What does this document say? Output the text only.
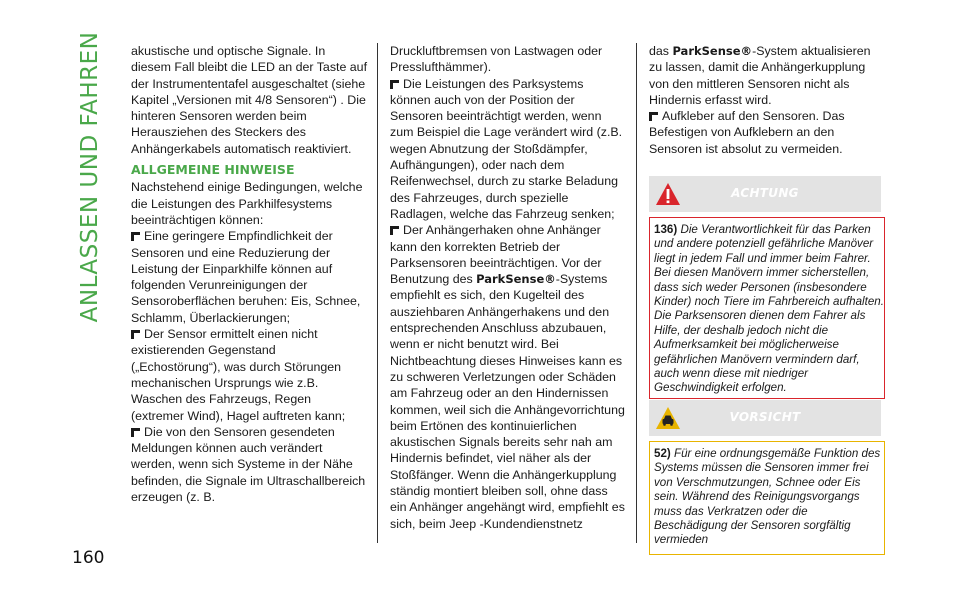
ANLASSEN UND FAHREN
160

akustische und optische Signale. In diesem Fall bleibt die LED an der Taste auf der Instrumententafel ausgeschaltet (siehe Kapitel „Versionen mit 4/8 Sensoren“) . Die hinteren Sensoren werden beim Herausziehen des Steckers des Anhängerkabels automatisch reaktiviert.

ALLGEMEINE HINWEISE

Nachstehend einige Bedingungen, welche die Leistungen des Parkhilfesystems beeinträchtigen können:

Eine geringere Empfindlichkeit der Sensoren und eine Reduzierung der Leistung der Einparkhilfe können auf folgenden Verunreinigungen der Sensoroberflächen beruhen: Eis, Schnee, Schlamm, Überlackierungen;

Der Sensor ermittelt einen nicht existierenden Gegenstand („Echostörung“), was durch Störungen mechanischen Ursprungs wie z.B. Waschen des Fahrzeugs, Regen (extremer Wind), Hagel auftreten kann;

Die von den Sensoren gesendeten Meldungen können auch verändert werden, wenn sich Systeme in der Nähe befinden, die Signale im Ultraschallbereich erzeugen (z. B.

Druckluftbremsen von Lastwagen oder Presslufthämmer).

Die Leistungen des Parksystems können auch von der Position der Sensoren beeinträchtigt werden, wenn zum Beispiel die Lage verändert wird (z.B. wegen Abnutzung der Stoßdämpfer, Aufhängungen), oder nach dem Reifenwechsel, durch zu starke Beladung des Fahrzeuges, durch spezielle Radlagen, welche das Fahrzeug senken;

Der Anhängerhaken ohne Anhänger kann den korrekten Betrieb der Parksensoren beeinträchtigen. Vor der Benutzung des ParkSense®-Systems empfiehlt es sich, den Kugelteil des ausziehbaren Anhängerhakens und den entsprechenden Anschluss abzubauen, wenn er nicht benutzt wird. Bei Nichtbeachtung dieses Hinweises kann es zu schweren Verletzungen oder Schäden am Fahrzeug oder an den Hindernissen kommen, weil sich die Anhängevorrichtung beim Ertönen des kontinuierlichen akustischen Signals bereits sehr nah am Hindernis befindet, viel näher als der Stoßfänger. Wenn die Anhängerkupplung ständig montiert bleiben soll, ohne dass ein Anhänger angehängt wird, empfiehlt es sich, beim Jeep -Kundendienstnetz

das ParkSense®-System aktualisieren zu lassen, damit die Anhängerkupplung von den mittleren Sensoren nicht als Hindernis erfasst wird.

Aufkleber auf den Sensoren. Das Befestigen von Aufklebern an den Sensoren ist absolut zu vermeiden.

ACHTUNG
136) Die Verantwortlichkeit für das Parken und andere potenziell gefährliche Manöver liegt in jedem Fall und immer beim Fahrer. Bei diesen Manövern immer sicherstellen, dass sich weder Personen (insbesondere Kinder) noch Tiere im Fahrbereich aufhalten. Die Parksensoren dienen dem Fahrer als Hilfe, der deshalb jedoch nicht die Aufmerksamkeit bei möglicherweise gefährlichen Manövern vermindern darf, auch wenn diese mit niedriger Geschwindigkeit erfolgen.
VORSICHT
52) Für eine ordnungsgemäße Funktion des Systems müssen die Sensoren immer frei von Verschmutzungen, Schnee oder Eis sein. Während des Reinigungsvorgangs muss das Verkratzen oder die Beschädigung der Sensoren sorgfältig vermieden
